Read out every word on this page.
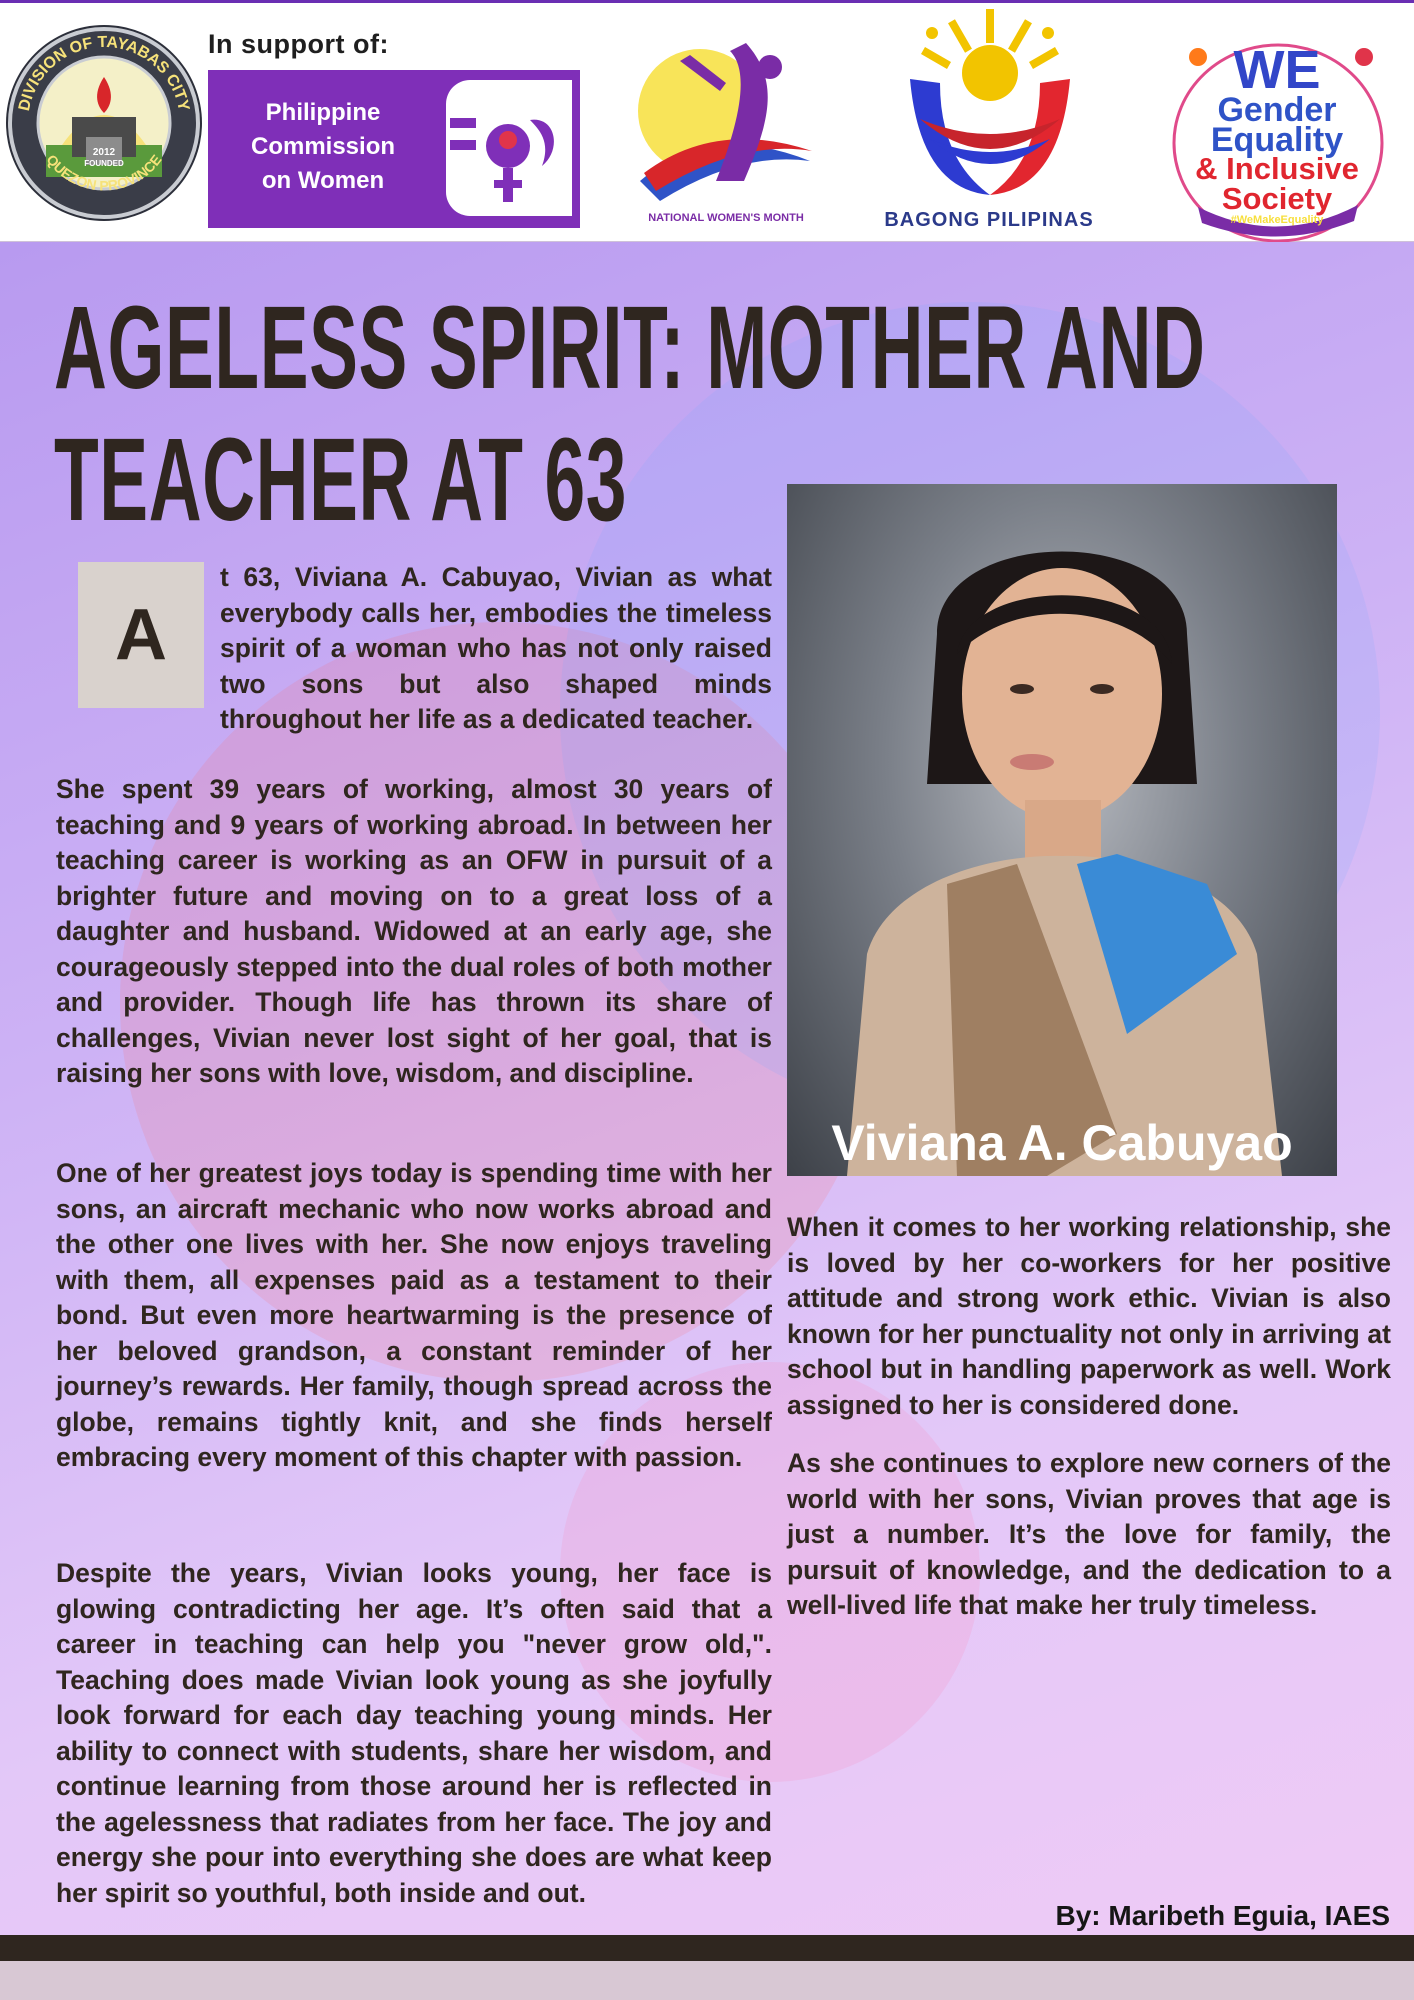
DIVISION OF TAYABAS CITY
QUEZON PROVINCE
2012
FOUNDED
In support of:
Philippine
Commission
on Women
NATIONAL WOMEN'S MONTH	BAGONG PILIPINAS
WE
Gender
Equality
& Inclusive
Society
#WeMakeEquality
AGELESS SPIRIT: MOTHER AND
TEACHER AT 63
A

t 63, Viviana A. Cabuyao, Vivian as what everybody calls her, embodies the timeless spirit of a woman who has not only raised two sons but also shaped minds throughout her life as a dedicated teacher.

She spent 39 years of working, almost 30 years of teaching and 9 years of working abroad. In between her teaching career is working as an OFW in pursuit of a brighter future and moving on to a great loss of a daughter and husband. Widowed at an early age, she courageously stepped into the dual roles of both mother and provider. Though life has thrown its share of challenges, Vivian never lost sight of her goal, that is raising her sons with love, wisdom, and discipline.

One of her greatest joys today is spending time with her sons, an aircraft mechanic who now works abroad and the other one lives with her. She now enjoys traveling with them, all expenses paid as a testament to their bond. But even more heartwarming is the presence of her beloved grandson, a constant reminder of her journey’s rewards. Her family, though spread across the globe, remains tightly knit, and she finds herself embracing every moment of this chapter with passion.

Despite the years, Vivian looks young, her face is glowing contradicting her age. It’s often said that a career in teaching can help you "never grow old,". Teaching does made Vivian look young as she joyfully look forward for each day teaching young minds. Her ability to connect with students, share her wisdom, and continue learning from those around her is reflected in the agelessness that radiates from her face. The joy and energy she pour into everything she does are what keep her spirit so youthful, both inside and out.

Viviana A. Cabuyao

When it comes to her working relationship, she is loved by her co-workers for her positive attitude and strong work ethic. Vivian is also known for her punctuality not only in arriving at school but in handling paperwork as well. Work assigned to her is considered done.

As she continues to explore new corners of the world with her sons, Vivian proves that age is just a number. It’s the love for family, the pursuit of knowledge, and the dedication to a well-lived life that make her truly timeless.

By: Maribeth Eguia, IAES
